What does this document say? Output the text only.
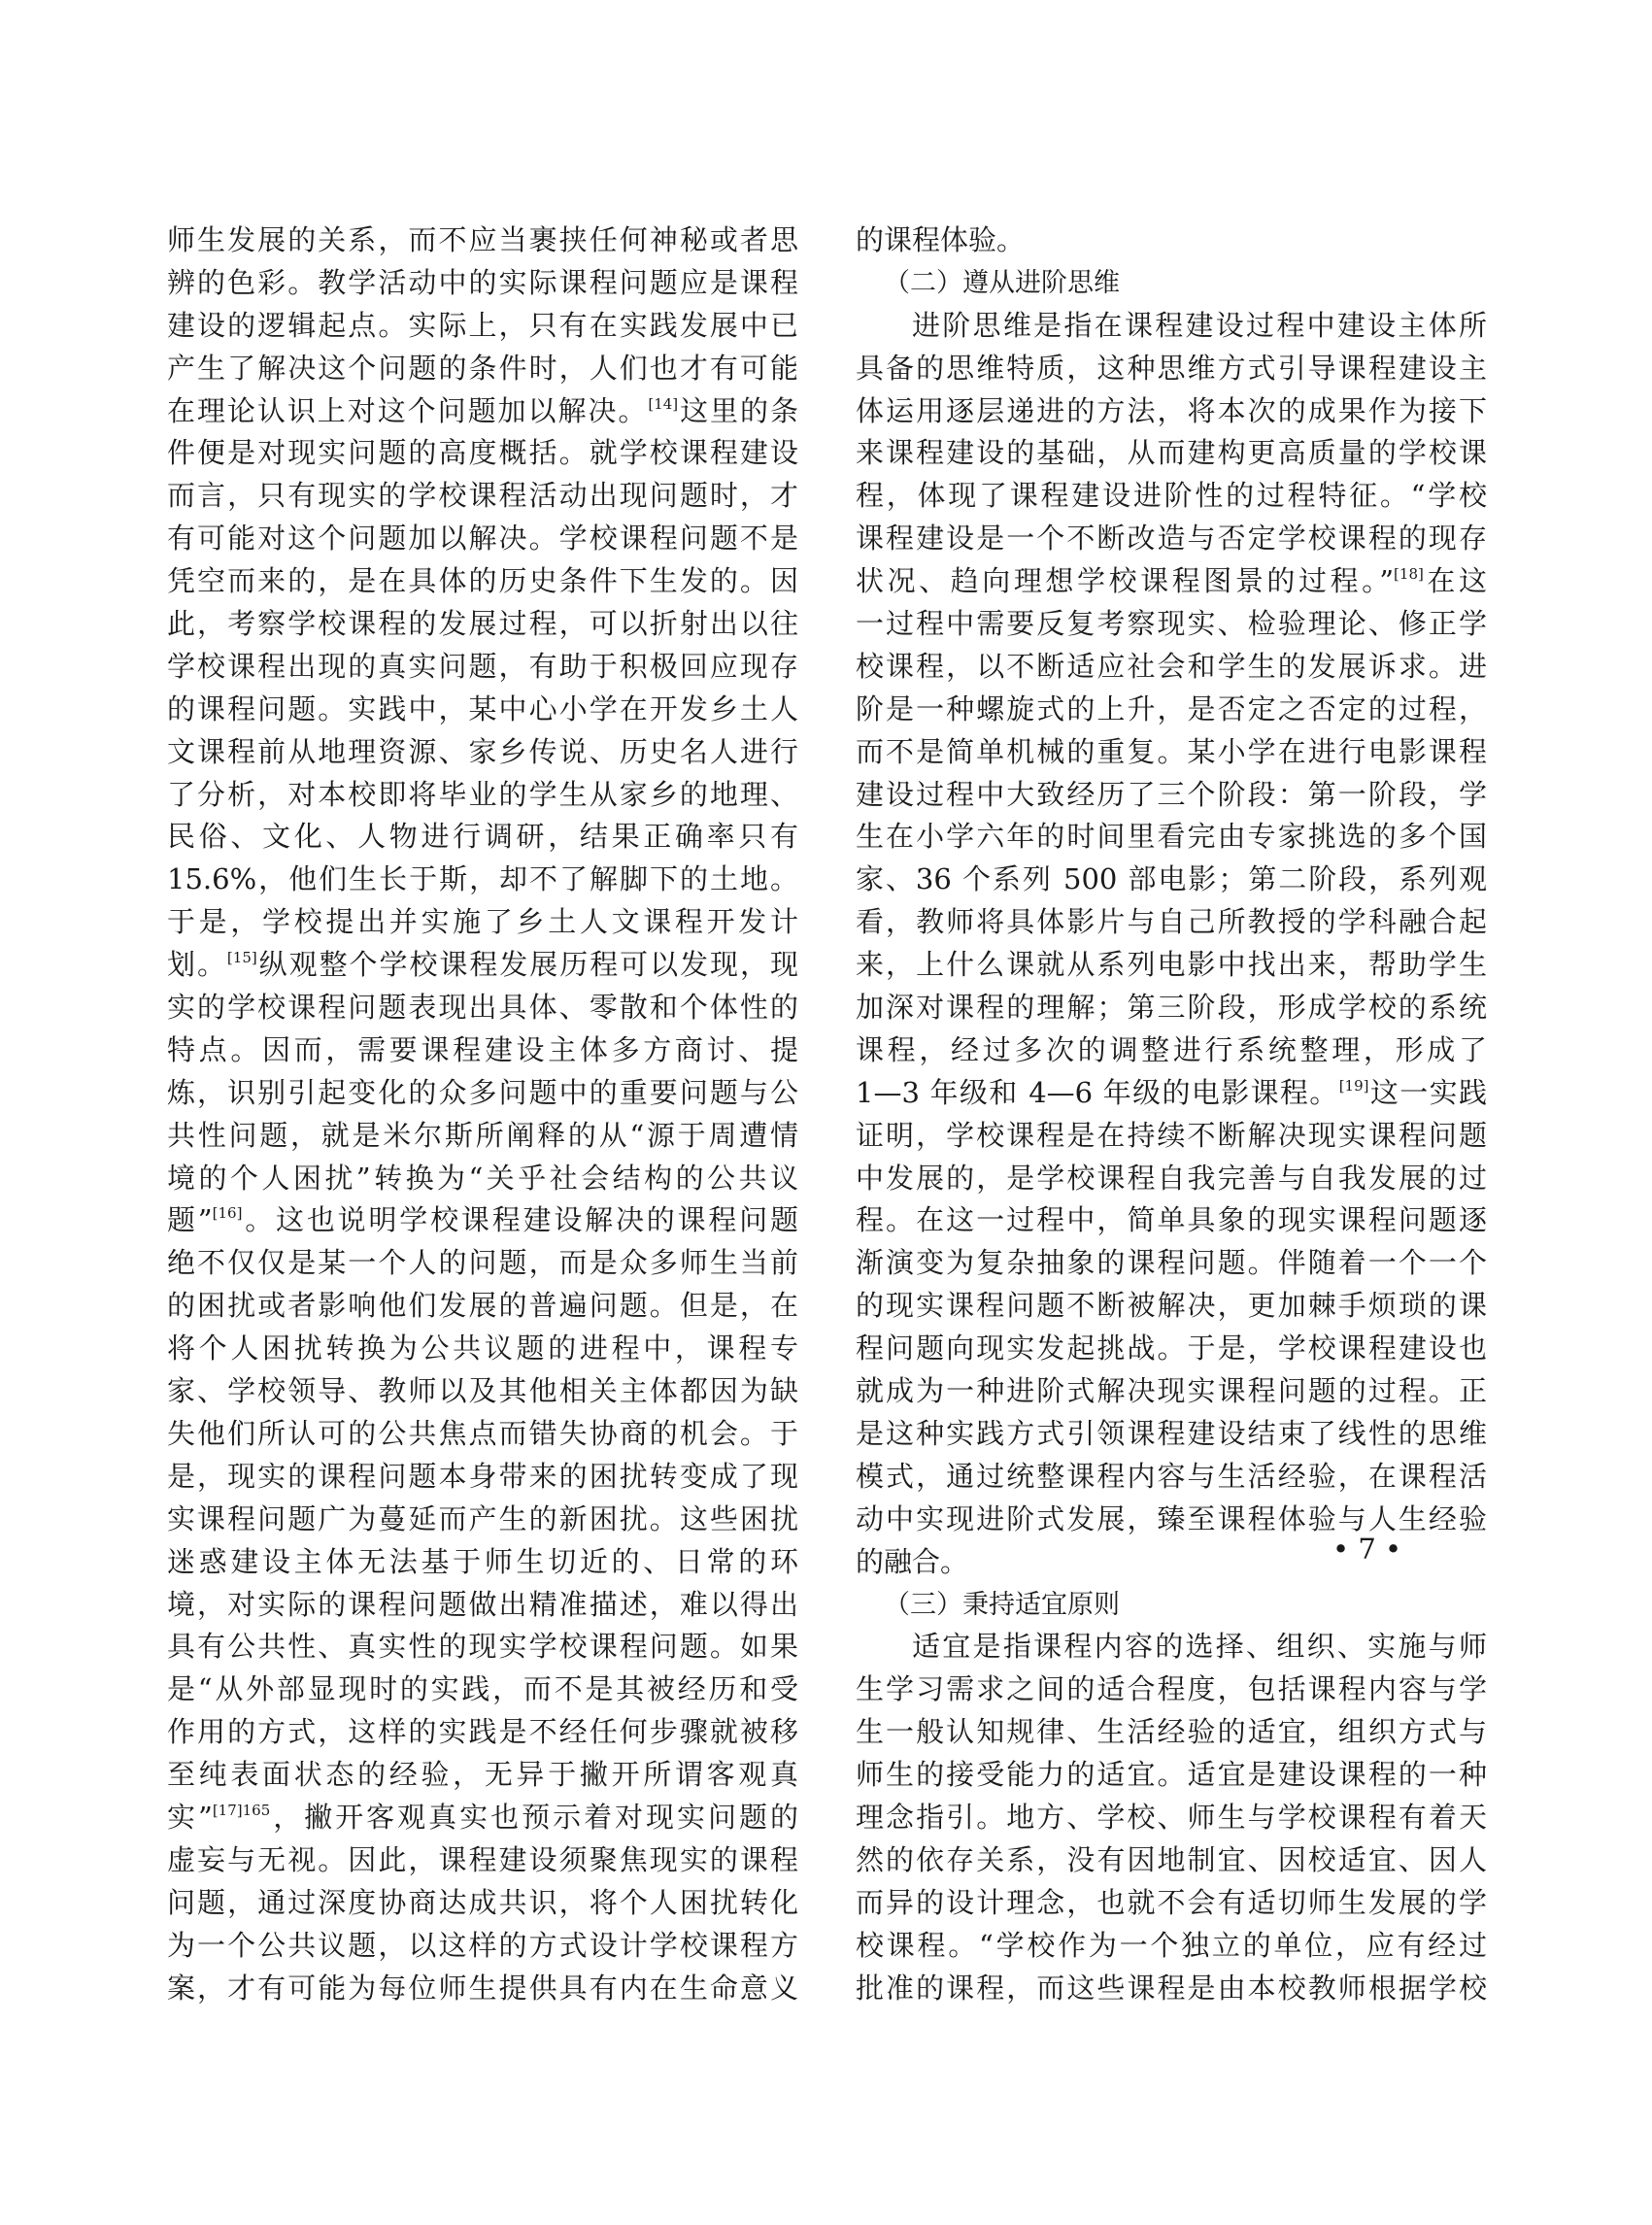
师生发展的关系，而不应当裹挟任何神秘或者思
辨的色彩。教学活动中的实际课程问题应是课程
建设的逻辑起点。实际上，只有在实践发展中已
产生了解决这个问题的条件时，人们也才有可能
在理论认识上对这个问题加以解决。[14]这里的条
件便是对现实问题的高度概括。就学校课程建设
而言，只有现实的学校课程活动出现问题时，才
有可能对这个问题加以解决。学校课程问题不是
凭空而来的，是在具体的历史条件下生发的。因
此，考察学校课程的发展过程，可以折射出以往
学校课程出现的真实问题，有助于积极回应现存
的课程问题。实践中，某中心小学在开发乡土人
文课程前从地理资源、家乡传说、历史名人进行
了分析，对本校即将毕业的学生从家乡的地理、
民俗、文化、人物进行调研，结果正确率只有
15.6%，他们生长于斯，却不了解脚下的土地。
于是，学校提出并实施了乡土人文课程开发计
划。[15]纵观整个学校课程发展历程可以发现，现
实的学校课程问题表现出具体、零散和个体性的
特点。因而，需要课程建设主体多方商讨、提
炼，识别引起变化的众多问题中的重要问题与公
共性问题，就是米尔斯所阐释的从“源于周遭情
境的个人困扰”转换为“关乎社会结构的公共议
题”[16]。这也说明学校课程建设解决的课程问题
绝不仅仅是某一个人的问题，而是众多师生当前
的困扰或者影响他们发展的普遍问题。但是，在
将个人困扰转换为公共议题的进程中，课程专
家、学校领导、教师以及其他相关主体都因为缺
失他们所认可的公共焦点而错失协商的机会。于
是，现实的课程问题本身带来的困扰转变成了现
实课程问题广为蔓延而产生的新困扰。这些困扰
迷惑建设主体无法基于师生切近的、日常的环
境，对实际的课程问题做出精准描述，难以得出
具有公共性、真实性的现实学校课程问题。如果
是“从外部显现时的实践，而不是其被经历和受
作用的方式，这样的实践是不经任何步骤就被移
至纯表面状态的经验，无异于撇开所谓客观真
实”$^{[17]165}$，撇开客观真实也预示着对现实问题的
虚妄与无视。因此，课程建设须聚焦现实的课程
问题，通过深度协商达成共识，将个人困扰转化
为一个公共议题，以这样的方式设计学校课程方
案，才有可能为每位师生提供具有内在生命意义
的课程体验。
（二）遵从进阶思维
进阶思维是指在课程建设过程中建设主体所
具备的思维特质，这种思维方式引导课程建设主
体运用逐层递进的方法，将本次的成果作为接下
来课程建设的基础，从而建构更高质量的学校课
程，体现了课程建设进阶性的过程特征。“学校
课程建设是一个不断改造与否定学校课程的现存
状况、趋向理想学校课程图景的过程。”[18]在这
一过程中需要反复考察现实、检验理论、修正学
校课程，以不断适应社会和学生的发展诉求。进
阶是一种螺旋式的上升，是否定之否定的过程，
而不是简单机械的重复。某小学在进行电影课程
建设过程中大致经历了三个阶段：第一阶段，学
生在小学六年的时间里看完由专家挑选的多个国
家、36 个系列 500 部电影；第二阶段，系列观
看，教师将具体影片与自己所教授的学科融合起
来，上什么课就从系列电影中找出来，帮助学生
加深对课程的理解；第三阶段，形成学校的系统
课程，经过多次的调整进行系统整理，形成了
1—3 年级和 4—6 年级的电影课程。[19]这一实践
证明，学校课程是在持续不断解决现实课程问题
中发展的，是学校课程自我完善与自我发展的过
程。在这一过程中，简单具象的现实课程问题逐
渐演变为复杂抽象的课程问题。伴随着一个一个
的现实课程问题不断被解决，更加棘手烦琐的课
程问题向现实发起挑战。于是，学校课程建设也
就成为一种进阶式解决现实课程问题的过程。正
是这种实践方式引领课程建设结束了线性的思维
模式，通过统整课程内容与生活经验，在课程活
动中实现进阶式发展，臻至课程体验与人生经验
的融合。
（三）秉持适宜原则
适宜是指课程内容的选择、组织、实施与师
生学习需求之间的适合程度，包括课程内容与学
生一般认知规律、生活经验的适宜，组织方式与
师生的接受能力的适宜。适宜是建设课程的一种
理念指引。地方、学校、师生与学校课程有着天
然的依存关系，没有因地制宜、因校适宜、因人
而异的设计理念，也就不会有适切师生发展的学
校课程。“学校作为一个独立的单位，应有经过
批准的课程，而这些课程是由本校教师根据学校
• 7 •
